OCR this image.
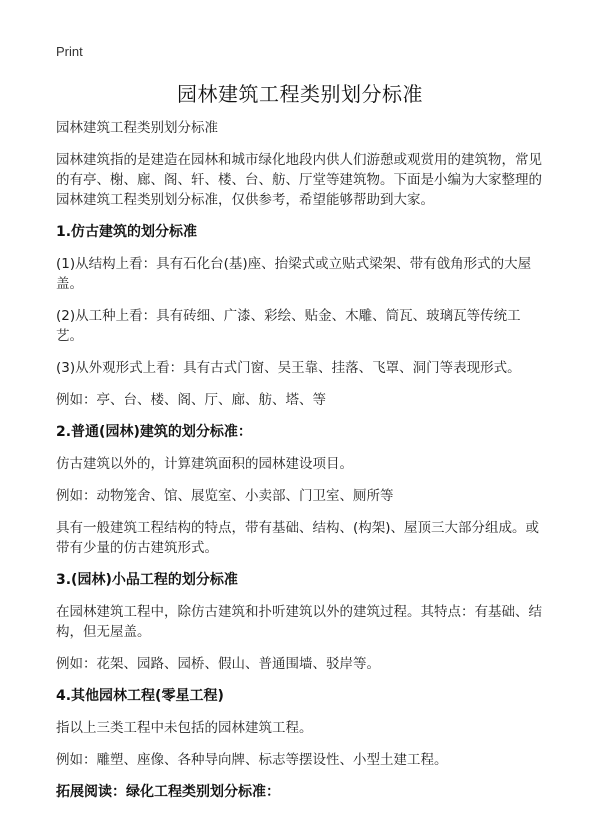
Print
园林建筑工程类别划分标准

园林建筑工程类别划分标准

园林建筑指的是建造在园林和城市绿化地段内供人们游憩或观赏用的建筑物，常见的有亭、榭、廊、阁、轩、楼、台、舫、厅堂等建筑物。下面是小编为大家整理的园林建筑工程类别划分标准，仅供参考，希望能够帮助到大家。

1.仿古建筑的划分标准

(1)从结构上看：具有石化台(基)座、抬梁式或立贴式梁架、带有戗角形式的大屋盖。

(2)从工种上看：具有砖细、广漆、彩绘、贴金、木雕、筒瓦、玻璃瓦等传统工艺。

(3)从外观形式上看：具有古式门窗、吴王靠、挂落、飞罩、洞门等表现形式。

例如：亭、台、楼、阁、厅、廊、舫、塔、等

2.普通(园林)建筑的划分标准：

仿古建筑以外的，计算建筑面积的园林建设项目。

例如：动物笼舍、馆、展览室、小卖部、门卫室、厕所等

具有一般建筑工程结构的特点，带有基础、结构、(构架)、屋顶三大部分组成。或带有少量的仿古建筑形式。

3.(园林)小品工程的划分标准

在园林建筑工程中，除仿古建筑和扑听建筑以外的建筑过程。其特点：有基础、结构，但无屋盖。

例如：花架、园路、园桥、假山、普通围墙、驳岸等。

4.其他园林工程(零星工程)

指以上三类工程中未包括的园林建筑工程。

例如：雕塑、座像、各种导向牌、标志等摆设性、小型土建工程。

拓展阅读：绿化工程类别划分标准：
